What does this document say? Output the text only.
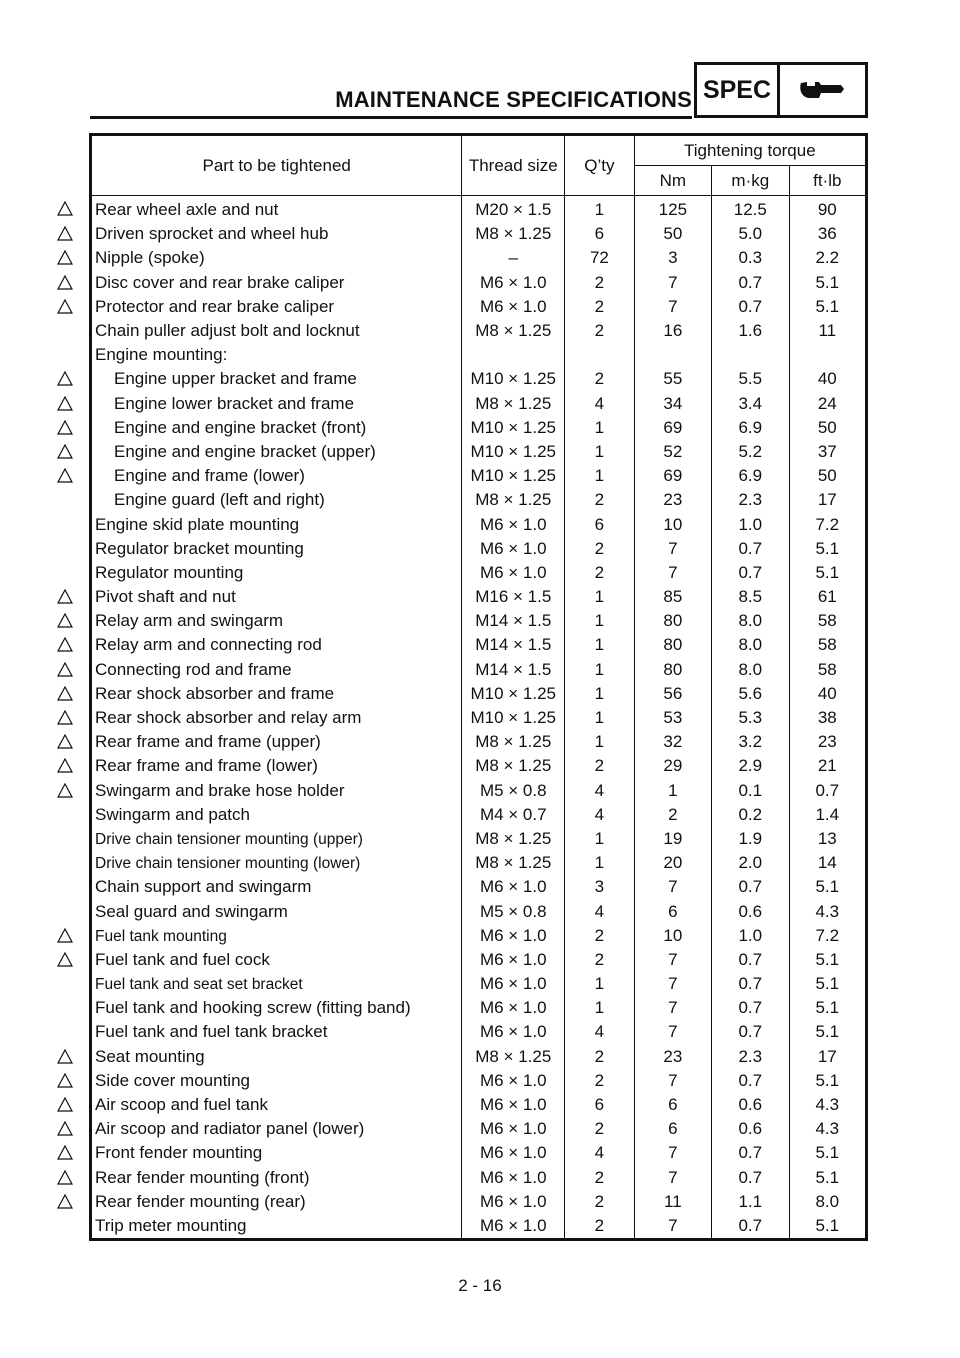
MAINTENANCE SPECIFICATIONS SPEC
Part to be tightened	Thread size	Q’ty	Tightening torque		
			Nm	m·kg	ft·lb

Rear wheel axle and nut	M20 × 1.5	1	125	12.5	90

Driven sprocket and wheel hub	M8 × 1.25	6	50	5.0	36

Nipple (spoke)	–	72	3	0.3	2.2

Disc cover and rear brake caliper	M6 × 1.0	2	7	0.7	5.1

Protector and rear brake caliper	M6 × 1.0	2	7	0.7	5.1
Chain puller adjust bolt and locknut	M8 × 1.25	2	16	1.6	11
Engine mounting:					

Engine upper bracket and frame	M10 × 1.25	2	55	5.5	40

Engine lower bracket and frame	M8 × 1.25	4	34	3.4	24

Engine and engine bracket (front)	M10 × 1.25	1	69	6.9	50

Engine and engine bracket (upper)	M10 × 1.25	1	52	5.2	37

Engine and frame (lower)	M10 × 1.25	1	69	6.9	50
Engine guard (left and right)	M8 × 1.25	2	23	2.3	17
Engine skid plate mounting	M6 × 1.0	6	10	1.0	7.2
Regulator bracket mounting	M6 × 1.0	2	7	0.7	5.1
Regulator mounting	M6 × 1.0	2	7	0.7	5.1

Pivot shaft and nut	M16 × 1.5	1	85	8.5	61

Relay arm and swingarm	M14 × 1.5	1	80	8.0	58

Relay arm and connecting rod	M14 × 1.5	1	80	8.0	58

Connecting rod and frame	M14 × 1.5	1	80	8.0	58

Rear shock absorber and frame	M10 × 1.25	1	56	5.6	40

Rear shock absorber and relay arm	M10 × 1.25	1	53	5.3	38

Rear frame and frame (upper)	M8 × 1.25	1	32	3.2	23

Rear frame and frame (lower)	M8 × 1.25	2	29	2.9	21

Swingarm and brake hose holder	M5 × 0.8	4	1	0.1	0.7
Swingarm and patch	M4 × 0.7	4	2	0.2	1.4
Drive chain tensioner mounting (upper)	M8 × 1.25	1	19	1.9	13
Drive chain tensioner mounting (lower)	M8 × 1.25	1	20	2.0	14
Chain support and swingarm	M6 × 1.0	3	7	0.7	5.1
Seal guard and swingarm	M5 × 0.8	4	6	0.6	4.3

Fuel tank mounting	M6 × 1.0	2	10	1.0	7.2

Fuel tank and fuel cock	M6 × 1.0	2	7	0.7	5.1
Fuel tank and seat set bracket	M6 × 1.0	1	7	0.7	5.1
Fuel tank and hooking screw (fitting band)	M6 × 1.0	1	7	0.7	5.1
Fuel tank and fuel tank bracket	M6 × 1.0	4	7	0.7	5.1

Seat mounting	M8 × 1.25	2	23	2.3	17

Side cover mounting	M6 × 1.0	2	7	0.7	5.1

Air scoop and fuel tank	M6 × 1.0	6	6	0.6	4.3

Air scoop and radiator panel (lower)	M6 × 1.0	2	6	0.6	4.3

Front fender mounting	M6 × 1.0	4	7	0.7	5.1

Rear fender mounting (front)	M6 × 1.0	2	7	0.7	5.1

Rear fender mounting (rear)	M6 × 1.0	2	11	1.1	8.0
Trip meter mounting	M6 × 1.0	2	7	0.7	5.1
2 - 16
